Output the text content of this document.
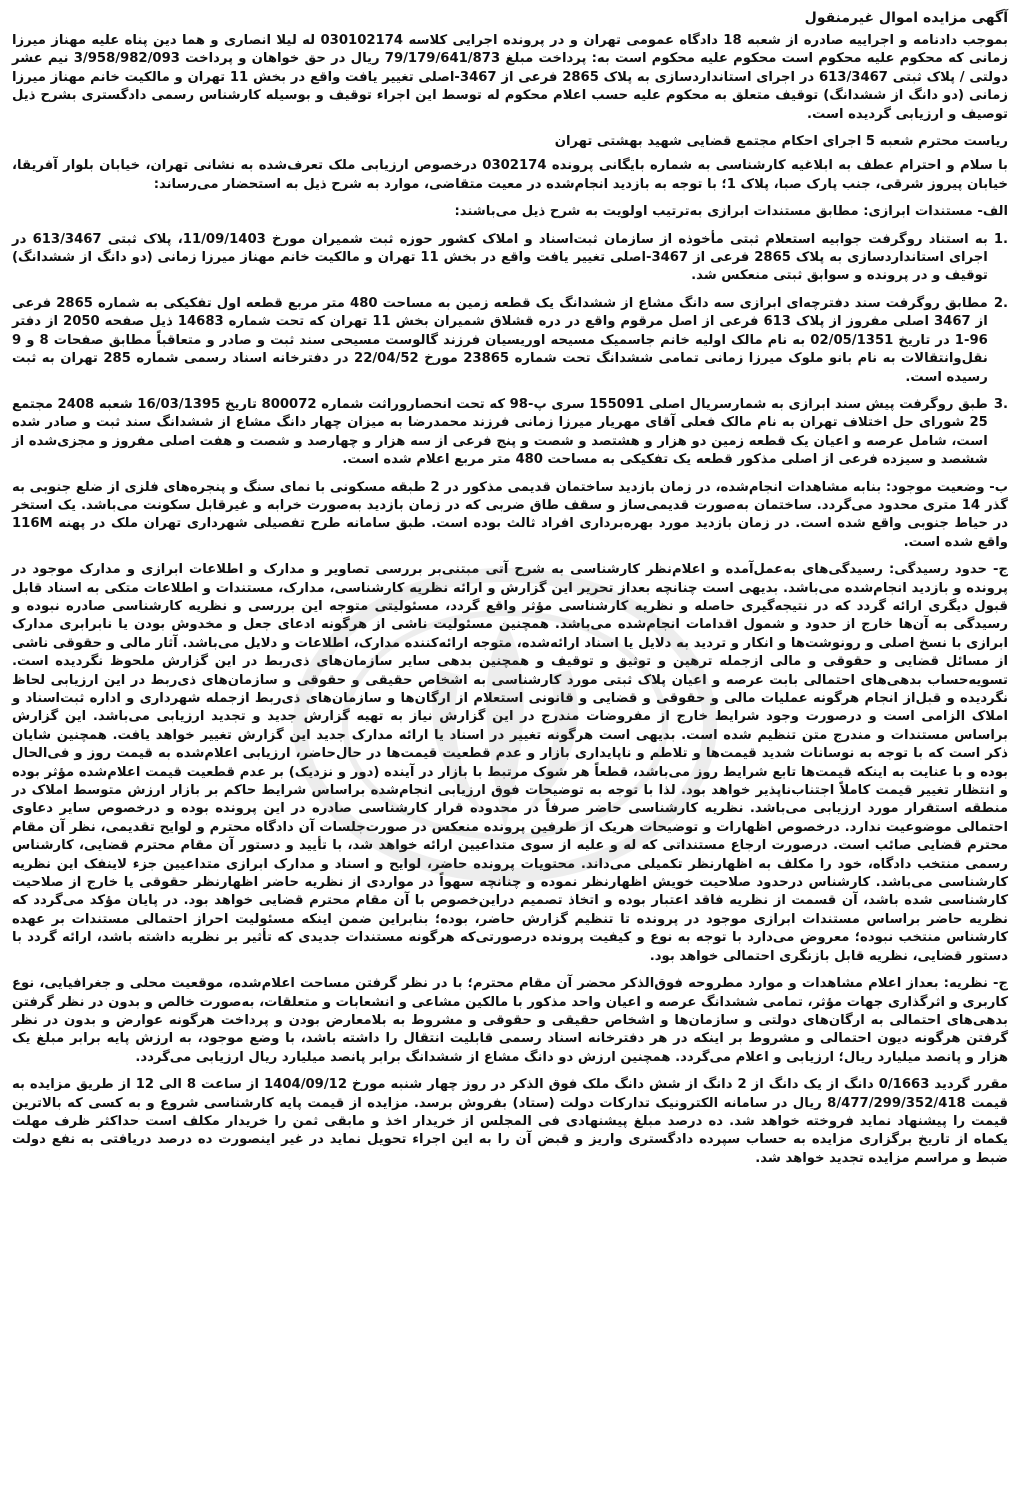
آگهی مزایده اموال غیرمنقول

بموجب دادنامه و اجراییه صادره از شعبه 18 دادگاه عمومی تهران و در پرونده اجرایی کلاسه 030102174 له لیلا انصاری و هما دین پناه علیه مهناز میرزا زمانی که محکوم علیه محکوم است محکوم علیه محکوم است به: پرداخت مبلغ 79/179/641/873 ریال در حق خواهان و پرداخت 3/958/982/093 نیم عشر دولتی / پلاک ثبتی 613/3467 در اجرای استانداردسازی به پلاک 2865 فرعی از 3467-اصلی تغییر یافت واقع در بخش 11 تهران و مالکیت خانم مهناز میرزا زمانی (دو دانگ از ششدانگ) توقیف متعلق به محکوم علیه حسب اعلام محکوم له توسط این اجراء توقیف و بوسیله کارشناس رسمی دادگستری بشرح ذیل توصیف و ارزیابی گردیده است.

ریاست محترم شعبه 5 اجرای احکام مجتمع قضایی شهید بهشتی تهران

با سلام و احترام عطف به ابلاغیه کارشناسی به شماره بایگانی پرونده 0302174 درخصوص ارزیابی ملک تعرف‌شده به نشانی تهران، خیابان بلوار آفریقا، خیابان پیروز شرقی، جنب پارک صبا، پلاک 1؛ با توجه به بازدید انجام‌شده در معیت متقاضی، موارد به شرح ذیل به استحضار می‌رساند:

الف- مستندات ابرازی: مطابق مستندات ابرازی به‌ترتیب اولویت به شرح ذیل می‌باشند:

1.
به استناد روگرفت جوابیه استعلام ثبتی مأخوذه از سازمان ثبت‌اسناد و املاک کشور حوزه ثبت شمیران مورخ 11/09/1403، پلاک ثبتی 613/3467 در اجرای استانداردسازی به پلاک 2865 فرعی از 3467-اصلی تغییر یافت واقع در بخش 11 تهران و مالکیت خانم مهناز میرزا زمانی (دو دانگ از ششدانگ) توقیف و در پرونده و سوابق ثبتی منعکس شد.
2.
مطابق روگرفت سند دفترچه‌ای ابرازی سه دانگ مشاع از ششدانگ یک قطعه زمین به مساحت 480 متر مربع قطعه اول تفکیکی به شماره 2865 فرعی از 3467 اصلی مفروز از پلاک 613 فرعی از اصل مرقوم واقع در دره قشلاق شمیران بخش 11 تهران که تحت شماره 14683 ذیل صفحه 2050 از دفتر 96-1 در تاریخ 02/05/1351 به نام مالک اولیه خانم جاسمیک مسیحه اوریسیان فرزند گالوست مسیحی سند ثبت و صادر و متعاقباً مطابق صفحات 8 و 9 نقل‌وانتقالات به نام بانو ملوک میرزا زمانی تمامی ششدانگ تحت شماره 23865 مورخ 22/04/52 در دفترخانه اسناد رسمی شماره 285 تهران به ثبت رسیده است.
3.
طبق روگرفت پیش سند ابرازی به شمارسریال اصلی 155091 سری پ-98 که تحت انحصاروراثت شماره 800072 تاریخ 16/03/1395 شعبه 2408 مجتمع 25 شورای حل اختلاف تهران به نام مالک فعلی آقای مهریار میرزا زمانی فرزند محمدرضا به میزان چهار دانگ مشاع از ششدانگ سند ثبت و صادر شده است، شامل عرصه و اعیان یک قطعه زمین دو هزار و هشتصد و شصت و پنج فرعی از سه هزار و چهارصد و شصت و هفت اصلی مفروز و مجزی‌شده از ششصد و سیزده فرعی از اصلی مذکور قطعه یک تفکیکی به مساحت 480 متر مربع اعلام شده است.

ب- وضعیت موجود: بنابه مشاهدات انجام‌شده، در زمان بازدید ساختمان قدیمی مذکور در 2 طبقه مسکونی با نمای سنگ و پنجره‌های فلزی از ضلع جنوبی به گذر 14 متری محدود می‌گردد. ساختمان به‌صورت قدیمی‌ساز و سقف طاق ضربی که در زمان بازدید به‌صورت خرابه و غیرقابل سکونت می‌باشد. یک استخر در حیاط جنوبی واقع شده است. در زمان بازدید مورد بهره‌برداری افراد ثالث بوده است. طبق سامانه طرح تفصیلی شهرداری تهران ملک در پهنه 116M واقع شده است.

ج- حدود رسیدگی: رسیدگی‌های به‌عمل‌آمده و اعلام‌نظر کارشناسی به شرح آتی مبتنی‌بر بررسی تصاویر و مدارک و اطلاعات ابرازی و مدارک موجود در پرونده و بازدید انجام‌شده می‌باشد. بدیهی است چنانچه بعداز تحریر این گزارش و ارائه نظریه کارشناسی، مدارک، مستندات و اطلاعات متکی به اسناد قابل قبول دیگری ارائه گردد که در نتیجه‌گیری حاصله و نظریه کارشناسی مؤثر واقع گردد، مسئولیتی متوجه این بررسی و نظریه کارشناسی صادره نبوده و رسیدگی به آن‌ها خارج از حدود و شمول اقدامات انجام‌شده می‌باشد. همچنین مسئولیت ناشی از هرگونه ادعای جعل و مخدوش بودن یا نابرابری مدارک ابرازی با نسخ اصلی و رونوشت‌ها و انکار و تردید به دلایل یا اسناد ارائه‌شده، متوجه ارائه‌کننده مدارک، اطلاعات و دلایل می‌باشد. آثار مالی و حقوقی ناشی از مسائل قضایی و حقوقی و مالی ازجمله ترهین و توثیق و توقیف و همچنین بدهی سایر سازمان‌های ذی‌ربط در این گزارش ملحوظ نگردیده است. تسویه‌حساب بدهی‌های احتمالی بابت عرصه و اعیان پلاک ثبتی مورد کارشناسی به اشخاص حقیقی و حقوقی و سازمان‌های ذی‌ربط در این ارزیابی لحاظ نگردیده و قبل‌از انجام هرگونه عملیات مالی و حقوقی و قضایی و قانونی استعلام از ارگان‌ها و سازمان‌های ذی‌ربط ازجمله شهرداری و اداره ثبت‌اسناد و املاک الزامی است و درصورت وجود شرایط خارج از مفروضات مندرج در این گزارش نیاز به تهیه گزارش جدید و تجدید ارزیابی می‌باشد. این گزارش براساس مستندات و مندرج متن تنظیم شده است. بدیهی است هرگونه تغییر در اسناد یا ارائه مدارک جدید این گزارش تغییر خواهد یافت. همچنین شایان ذکر است که با توجه به نوسانات شدید قیمت‌ها و تلاطم و ناپایداری بازار و عدم قطعیت قیمت‌ها در حال‌حاضر، ارزیابی اعلام‌شده به قیمت روز و فی‌الحال بوده و با عنایت به اینکه قیمت‌ها تابع شرایط روز می‌باشد، قطعاً هر شوک مرتبط با بازار در آینده (دور و نزدیک) بر عدم قطعیت قیمت اعلام‌شده مؤثر بوده و انتظار تغییر قیمت کاملاً اجتناب‌ناپذیر خواهد بود. لذا با توجه به توضیحات فوق ارزیابی انجام‌شده براساس شرایط حاکم بر بازار ارزش متوسط املاک در منطقه استقرار مورد ارزیابی می‌باشد. نظریه کارشناسی حاضر صرفاً در محدوده قرار کارشناسی صادره در این پرونده بوده و درخصوص سایر دعاوی احتمالی موضوعیت ندارد. درخصوص اظهارات و توضیحات هریک از طرفین پرونده منعکس در صورت‌جلسات آن دادگاه محترم و لوایح تقدیمی، نظر آن مقام محترم قضایی صائب است. درصورت ارجاع مستنداتی که له و علیه از سوی متداعیین ارائه خواهد شد، با تأیید و دستور آن مقام محترم قضایی، کارشناس رسمی منتخب دادگاه، خود را مکلف به اظهارنظر تکمیلی می‌داند. محتویات پرونده حاضر، لوایح و اسناد و مدارک ابرازی متداعیین جزء لاینفک این نظریه کارشناسی می‌باشد. کارشناس درحدود صلاحیت خویش اظهارنظر نموده و چنانچه سهواً در مواردی از نظریه حاضر اظهارنظر حقوقی یا خارج از صلاحیت کارشناسی شده باشد، آن قسمت از نظریه فاقد اعتبار بوده و اتخاذ تصمیم دراین‌خصوص با آن مقام محترم قضایی خواهد بود. در پایان مؤکد می‌گردد که نظریه حاضر براساس مستندات ابرازی موجود در پرونده تا تنظیم گزارش حاضر، بوده؛ بنابراین ضمن اینکه مسئولیت احراز احتمالی مستندات بر عهده کارشناس منتخب نبوده؛ معروض می‌دارد با توجه به نوع و کیفیت پرونده درصورتی‌که هرگونه مستندات جدیدی که تأثیر بر نظریه داشته باشد، ارائه گردد با دستور قضایی، نظریه قابل بازنگری احتمالی خواهد بود.

ج- نظریه: بعداز اعلام مشاهدات و موارد مطروحه فوق‌الذکر محضر آن مقام محترم؛ با در نظر گرفتن مساحت اعلام‌شده، موقعیت محلی و جغرافیایی، نوع کاربری و اثرگذاری جهات مؤثر، تمامی ششدانگ عرصه و اعیان واحد مذکور با مالکین مشاعی و انشعابات و متعلقات، به‌صورت خالص و بدون در نظر گرفتن بدهی‌های احتمالی به ارگان‌های دولتی و سازمان‌ها و اشخاص حقیقی و حقوقی و مشروط به بلامعارض بودن و پرداخت هرگونه عوارض و بدون در نظر گرفتن هرگونه دیون احتمالی و مشروط بر اینکه در هر دفترخانه اسناد رسمی قابلیت انتقال را داشته باشد، با وضع موجود، به ارزش پایه برابر مبلغ یک هزار و پانصد میلیارد ریال؛ ارزیابی و اعلام می‌گردد. همچنین ارزش دو دانگ مشاع از ششدانگ برابر پانصد میلیارد ریال ارزیابی می‌گردد.

مقرر گردید 0/1663 دانگ از یک دانگ از 2 دانگ از شش دانگ ملک فوق الذکر در روز چهار شنبه مورخ 1404/09/12 از ساعت 8 الی 12 از طریق مزایده به قیمت 8/477/299/352/418 ریال در سامانه الکترونیک تدارکات دولت (ستاد) بفروش برسد. مزایده از قیمت پایه کارشناسی شروع و به کسی که بالاترین قیمت را پیشنهاد نماید فروخته خواهد شد. ده درصد مبلغ پیشنهادی فی المجلس از خریدار اخذ و مابقی ثمن را خریدار مکلف است حداکثر ظرف مهلت یکماه از تاریخ برگزاری مزایده به حساب سپرده دادگستری واریز و قبض آن را به این اجراء تحویل نماید در غیر اینصورت ده درصد دریافتی به نفع دولت ضبط و مراسم مزایده تجدید خواهد شد.
